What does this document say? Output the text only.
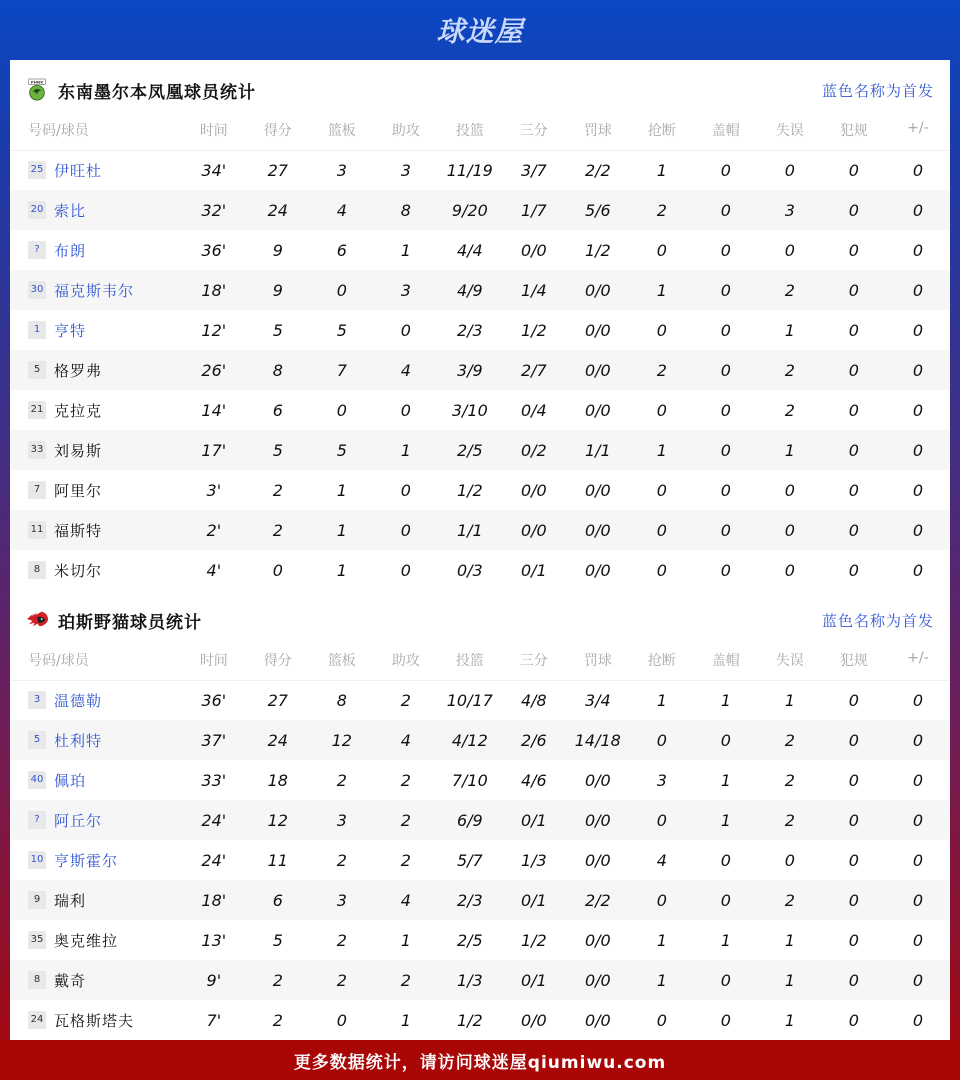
球迷屋
PHNX
东南墨尔本凤凰球员统计	蓝色名称为首发
号码/球员	时间	得分	篮板	助攻	投篮	三分	罚球	抢断	盖帽	失误	犯规	+/-
25 伊旺杜	34'	27	3	3	11/19	3/7	2/2	1	0	0	0	0
20 索比	32'	24	4	8	9/20	1/7	5/6	2	0	3	0	0
? 布朗	36'	9	6	1	4/4	0/0	1/2	0	0	0	0	0
30 福克斯韦尔	18'	9	0	3	4/9	1/4	0/0	1	0	2	0	0
1 亨特	12'	5	5	0	2/3	1/2	0/0	0	0	1	0	0
5 格罗弗	26'	8	7	4	3/9	2/7	0/0	2	0	2	0	0
21 克拉克	14'	6	0	0	3/10	0/4	0/0	0	0	2	0	0
33 刘易斯	17'	5	5	1	2/5	0/2	1/1	1	0	1	0	0
7 阿里尔	3'	2	1	0	1/2	0/0	0/0	0	0	0	0	0
11 福斯特	2'	2	1	0	1/1	0/0	0/0	0	0	0	0	0
8 米切尔	4'	0	1	0	0/3	0/1	0/0	0	0	0	0	0
珀斯野猫球员统计	蓝色名称为首发
号码/球员	时间	得分	篮板	助攻	投篮	三分	罚球	抢断	盖帽	失误	犯规	+/-
3 温德勒	36'	27	8	2	10/17	4/8	3/4	1	1	1	0	0
5 杜利特	37'	24	12	4	4/12	2/6	14/18	0	0	2	0	0
40 佩珀	33'	18	2	2	7/10	4/6	0/0	3	1	2	0	0
? 阿丘尔	24'	12	3	2	6/9	0/1	0/0	0	1	2	0	0
10 亨斯霍尔	24'	11	2	2	5/7	1/3	0/0	4	0	0	0	0
9 瑞利	18'	6	3	4	2/3	0/1	2/2	0	0	2	0	0
35 奥克维拉	13'	5	2	1	2/5	1/2	0/0	1	1	1	0	0
8 戴奇	9'	2	2	2	1/3	0/1	0/0	1	0	1	0	0
24 瓦格斯塔夫	7'	2	0	1	1/2	0/0	0/0	0	0	1	0	0
更多数据统计，请访问球迷屋qiumiwu.com
